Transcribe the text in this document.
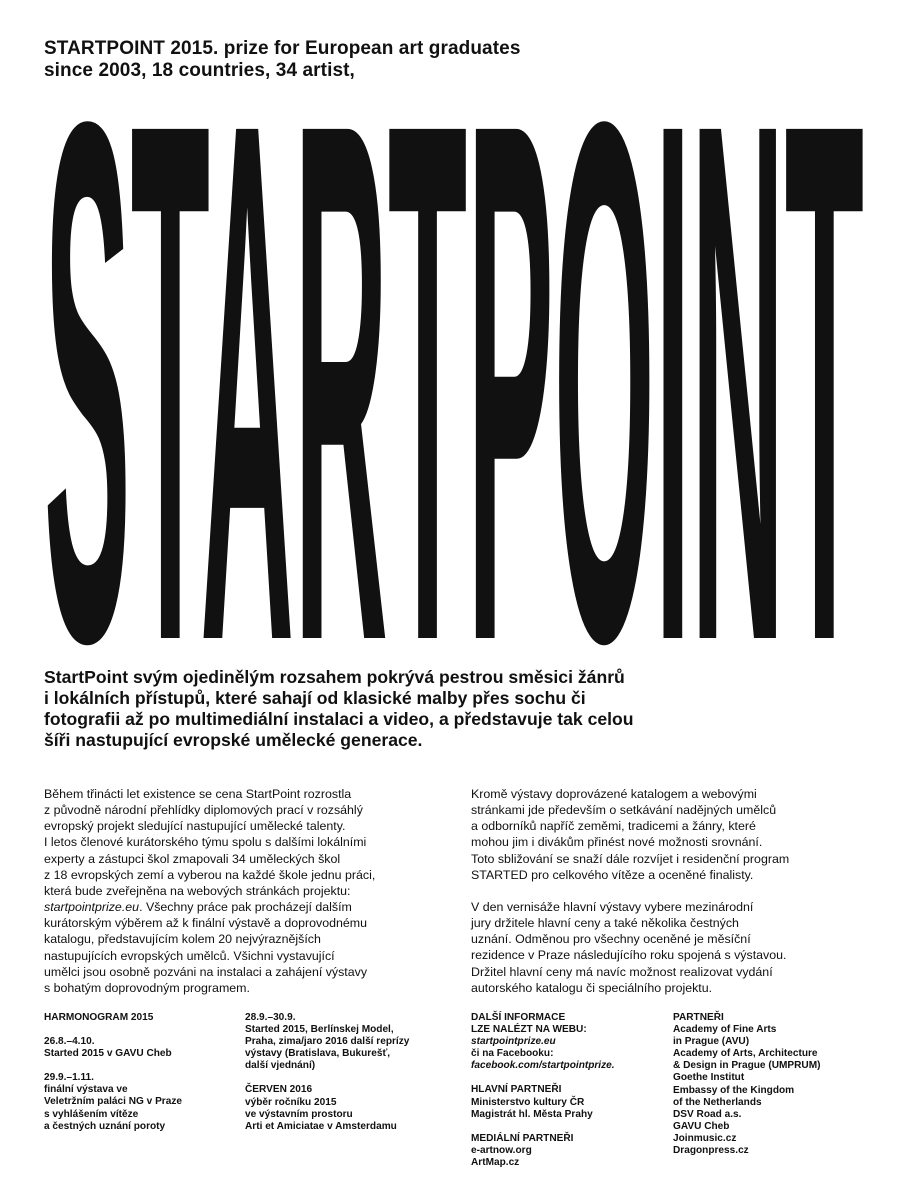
STARTPOINT 2015. prize for European art graduates
since 2003, 18 countries, 34 artist,
STARTPOINT
StartPoint svým ojedinělým rozsahem pokrývá pestrou směsici žánrů
i lokálních přístupů, které sahají od klasické malby přes sochu či
fotografii až po multimediální instalaci a video, a představuje tak celou
šíři nastupující evropské umělecké generace.
Během třinácti let existence se cena StartPoint rozrostla
z původně národní přehlídky diplomových prací v rozsáhlý
evropský projekt sledující nastupující umělecké talenty.
I letos členové kurátorského týmu spolu s dalšími lokálními
experty a zástupci škol zmapovali 34 uměleckých škol
z 18 evropských zemí a vyberou na každé škole jednu práci,
která bude zveřejněna na webových stránkách projektu:
startpointprize.eu. Všechny práce pak procházejí dalším
kurátorským výběrem až k finální výstavě a doprovodnému
katalogu, představujícím kolem 20 nejvýraznějších
nastupujících evropských umělců. Všichni vystavující
umělci jsou osobně pozváni na instalaci a zahájení výstavy
s bohatým doprovodným programem.
Kromě výstavy doprovázené katalogem a webovými
stránkami jde především o setkávání nadějných umělců
a odborníků napříč zeměmi, tradicemi a žánry, které
mohou jim i divákům přinést nové možnosti srovnání.
Toto sbližování se snaží dále rozvíjet i residenční program
STARTED pro celkového vítěze a oceněné finalisty.
V den vernisáže hlavní výstavy vybere mezinárodní
jury držitele hlavní ceny a také několika čestných
uznání. Odměnou pro všechny oceněné je měsíční
rezidence v Praze následujícího roku spojená s výstavou.
Držitel hlavní ceny má navíc možnost realizovat vydání
autorského katalogu či speciálního projektu.
HARMONOGRAM 2015
26.8.–4.10.
Started 2015 v GAVU Cheb
29.9.–1.11.
finální výstava ve
Veletržním paláci NG v Praze
s vyhlášením vítěze
a čestných uznání poroty
28.9.–30.9.
Started 2015, Berlínskej Model,
Praha, zima/jaro 2016 další reprízy
výstavy (Bratislava, Bukurešť,
další vjednání)
ČERVEN 2016
výběr ročníku 2015
ve výstavním prostoru
Arti et Amiciatae v Amsterdamu
DALŠÍ INFORMACE
LZE NALÉZT NA WEBU:
startpointprize.eu
či na Facebooku:
facebook.com/startpointprize.
HLAVNÍ PARTNEŘI
Ministerstvo kultury ČR
Magistrát hl. Města Prahy
MEDIÁLNÍ PARTNEŘI
e-artnow.org
ArtMap.cz
PARTNEŘI
Academy of Fine Arts
in Prague (AVU)
Academy of Arts, Architecture
& Design in Prague (UMPRUM)
Goethe Institut
Embassy of the Kingdom
of the Netherlands
DSV Road a.s.
GAVU Cheb
Joinmusic.cz
Dragonpress.cz
